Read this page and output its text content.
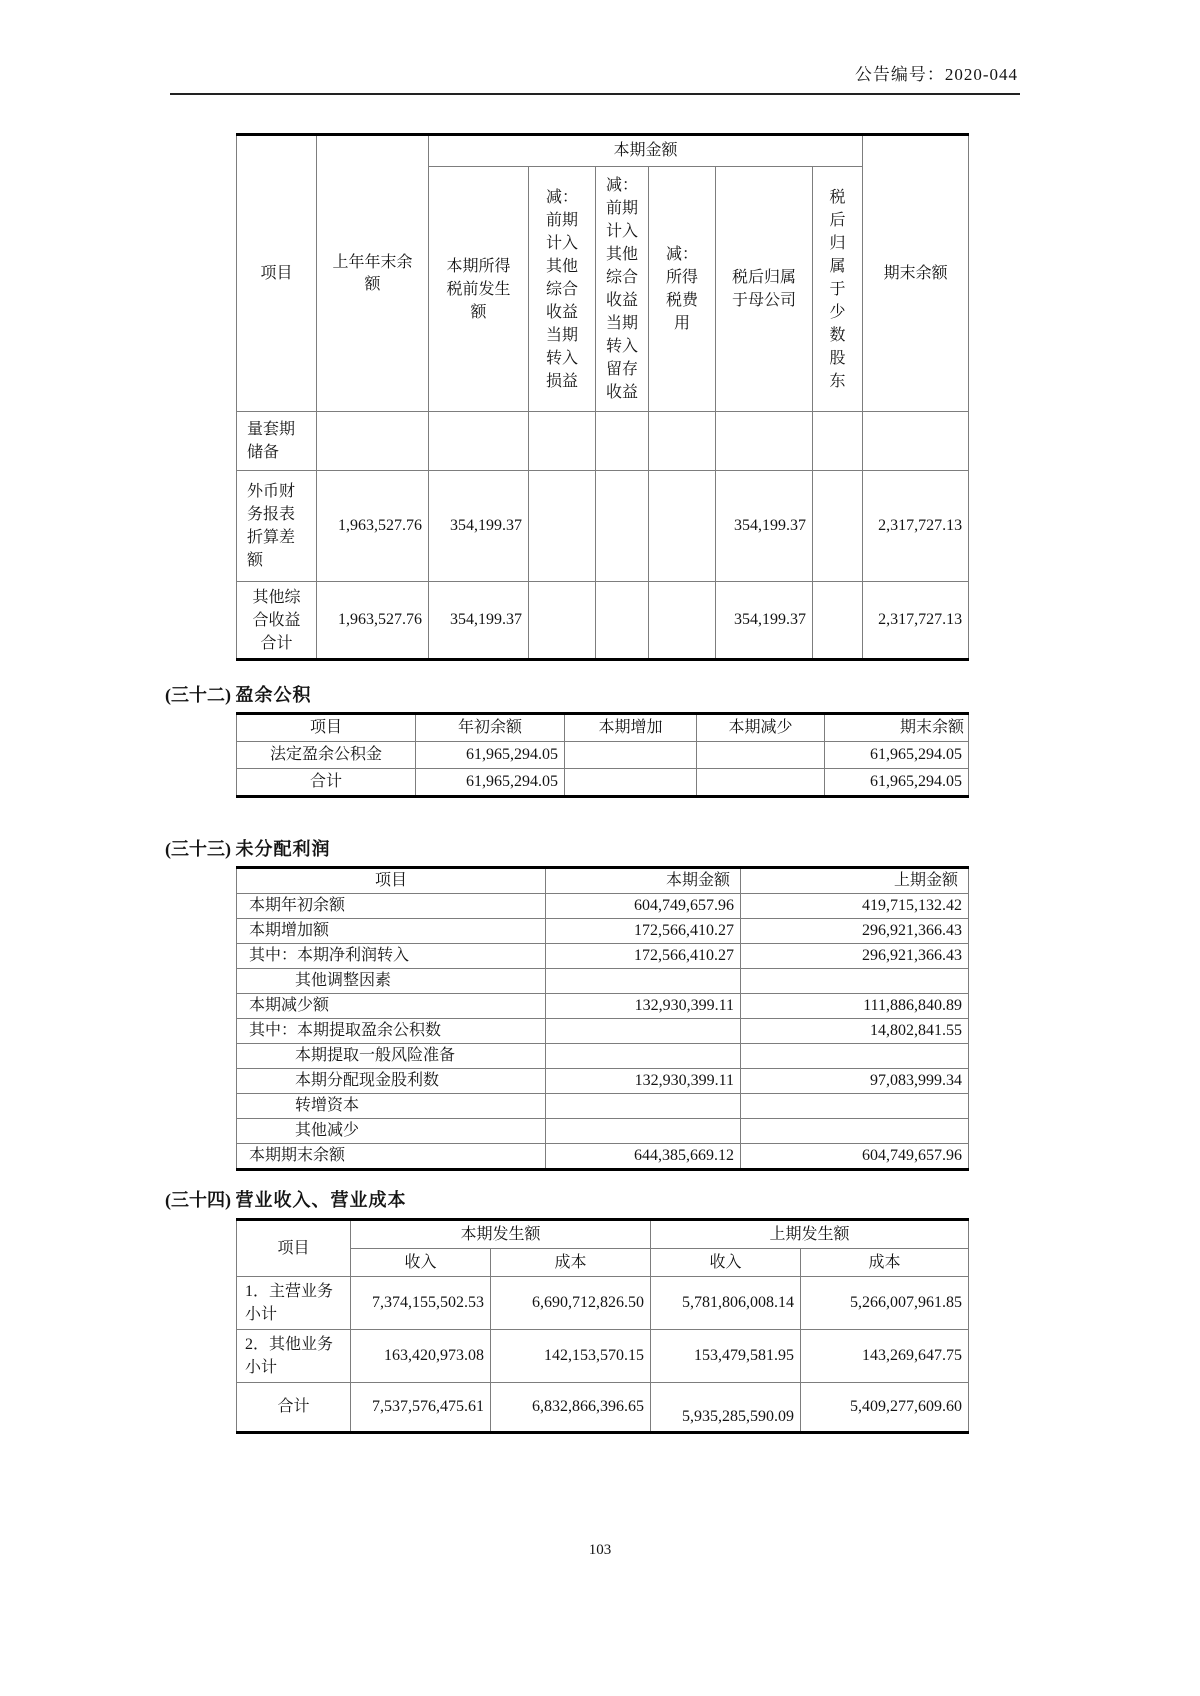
公告编号：2020-044
项目	上年年末余额	本期金额						期末余额
		本期所得税前发生额	减：前期计入其他综合收益当期转入损益	减：前期计入其他综合收益当期转入留存收益	减：所得税费用	税后归属于母公司	税后归属于少数股东	
量套期储备								
外币财务报表折算差额	1,963,527.76	354,199.37				354,199.37		2,317,727.13
其他综合收益合计	1,963,527.76	354,199.37				354,199.37		2,317,727.13
(三十二) 盈余公积
项目	年初余额	本期增加	本期减少	期末余额
法定盈余公积金	61,965,294.05			61,965,294.05
合计	61,965,294.05			61,965,294.05
(三十三) 未分配利润
项目	本期金额	上期金额
本期年初余额	604,749,657.96	419,715,132.42
本期增加额	172,566,410.27	296,921,366.43
其中：本期净利润转入	172,566,410.27	296,921,366.43
其他调整因素		
本期减少额	132,930,399.11	111,886,840.89
其中：本期提取盈余公积数		14,802,841.55
本期提取一般风险准备		
本期分配现金股利数	132,930,399.11	97,083,999.34
转增资本		
其他减少		
本期期末余额	644,385,669.12	604,749,657.96
(三十四) 营业收入、营业成本
项目	本期发生额		上期发生额	
	收入	成本	收入	成本
1．主营业务小计	7,374,155,502.53	6,690,712,826.50	5,781,806,008.14	5,266,007,961.85
2．其他业务小计	163,420,973.08	142,153,570.15	153,479,581.95	143,269,647.75
合计	7,537,576,475.61	6,832,866,396.65	5,935,285,590.09	5,409,277,609.60
103
